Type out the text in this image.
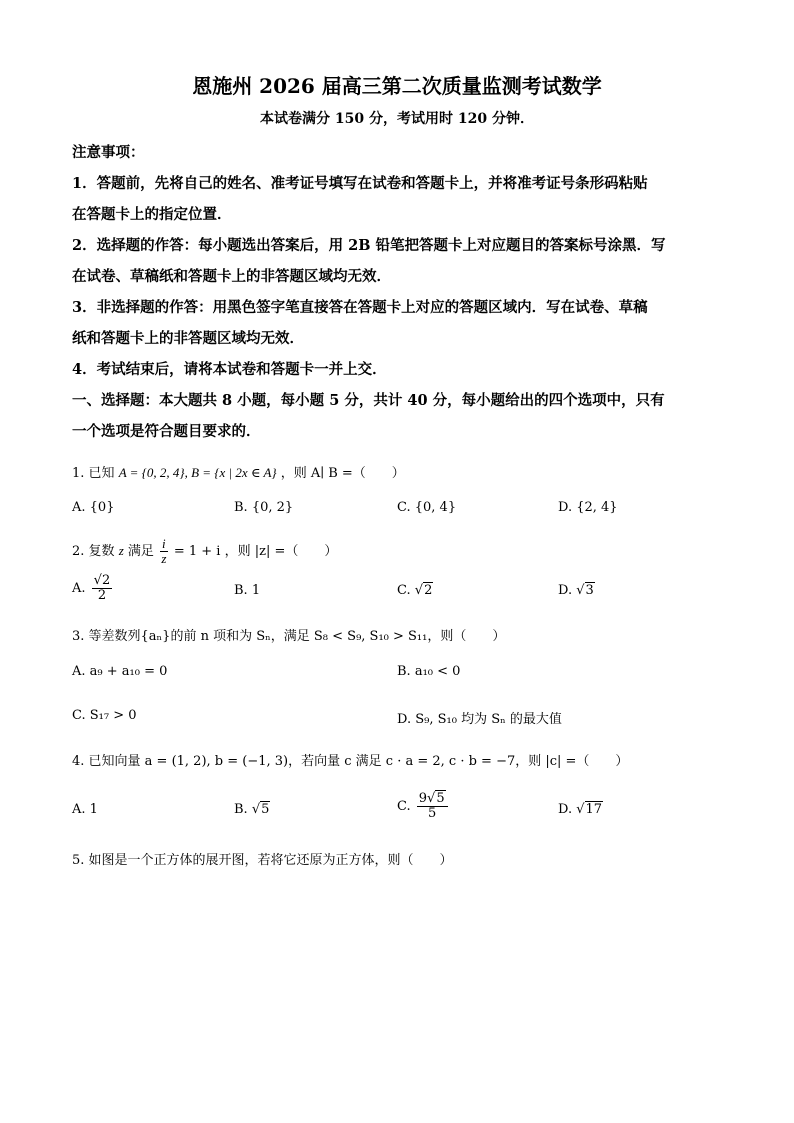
恩施州 2026 届高三第二次质量监测考试数学
本试卷满分 150 分，考试用时 120 分钟．
注意事项：
1．答题前，先将自己的姓名、准考证号填写在试卷和答题卡上，并将准考证号条形码粘贴
在答题卡上的指定位置．
2．选择题的作答：每小题选出答案后，用 2B 铅笔把答题卡上对应题目的答案标号涂黑．写
在试卷、草稿纸和答题卡上的非答题区域均无效．
3．非选择题的作答：用黑色签字笔直接答在答题卡上对应的答题区域内．写在试卷、草稿
纸和答题卡上的非答题区域均无效．
4．考试结束后，请将本试卷和答题卡一并上交．
一、选择题：本大题共 8 小题，每小题 5 分，共计 40 分，每小题给出的四个选项中，只有
一个选项是符合题目要求的．
1. 已知 A = {0, 2, 4}, B = {x | 2x ∈ A} ，则 A∣ B =（　　）
A. {0}	B. {0, 2}	C. {0, 4}	D. {2, 4}
2. 复数 z 满足 $\frac{i}{z} = 1 + i$ ，则 |z| =（　　）
A. $\frac{√2}{2}$	B. 1	C. √2	D. √3
3. 等差数列{aₙ}的前 n 项和为 Sₙ，满足 S₈ < S₉, S₁₀ > S₁₁，则（　　）
A. a₉ + a₁₀ = 0	B. a₁₀ < 0
C. S₁₇ > 0	D. S₉, S₁₀ 均为 Sₙ 的最大值
4. 已知向量 a = (1, 2), b = (−1, 3)，若向量 c 满足 c · a = 2, c · b = −7，则 |c| =（　　）
A. 1	B. √5	C. $\frac{9√5}{5}$	D. √17
5. 如图是一个正方体的展开图，若将它还原为正方体，则（　　）
